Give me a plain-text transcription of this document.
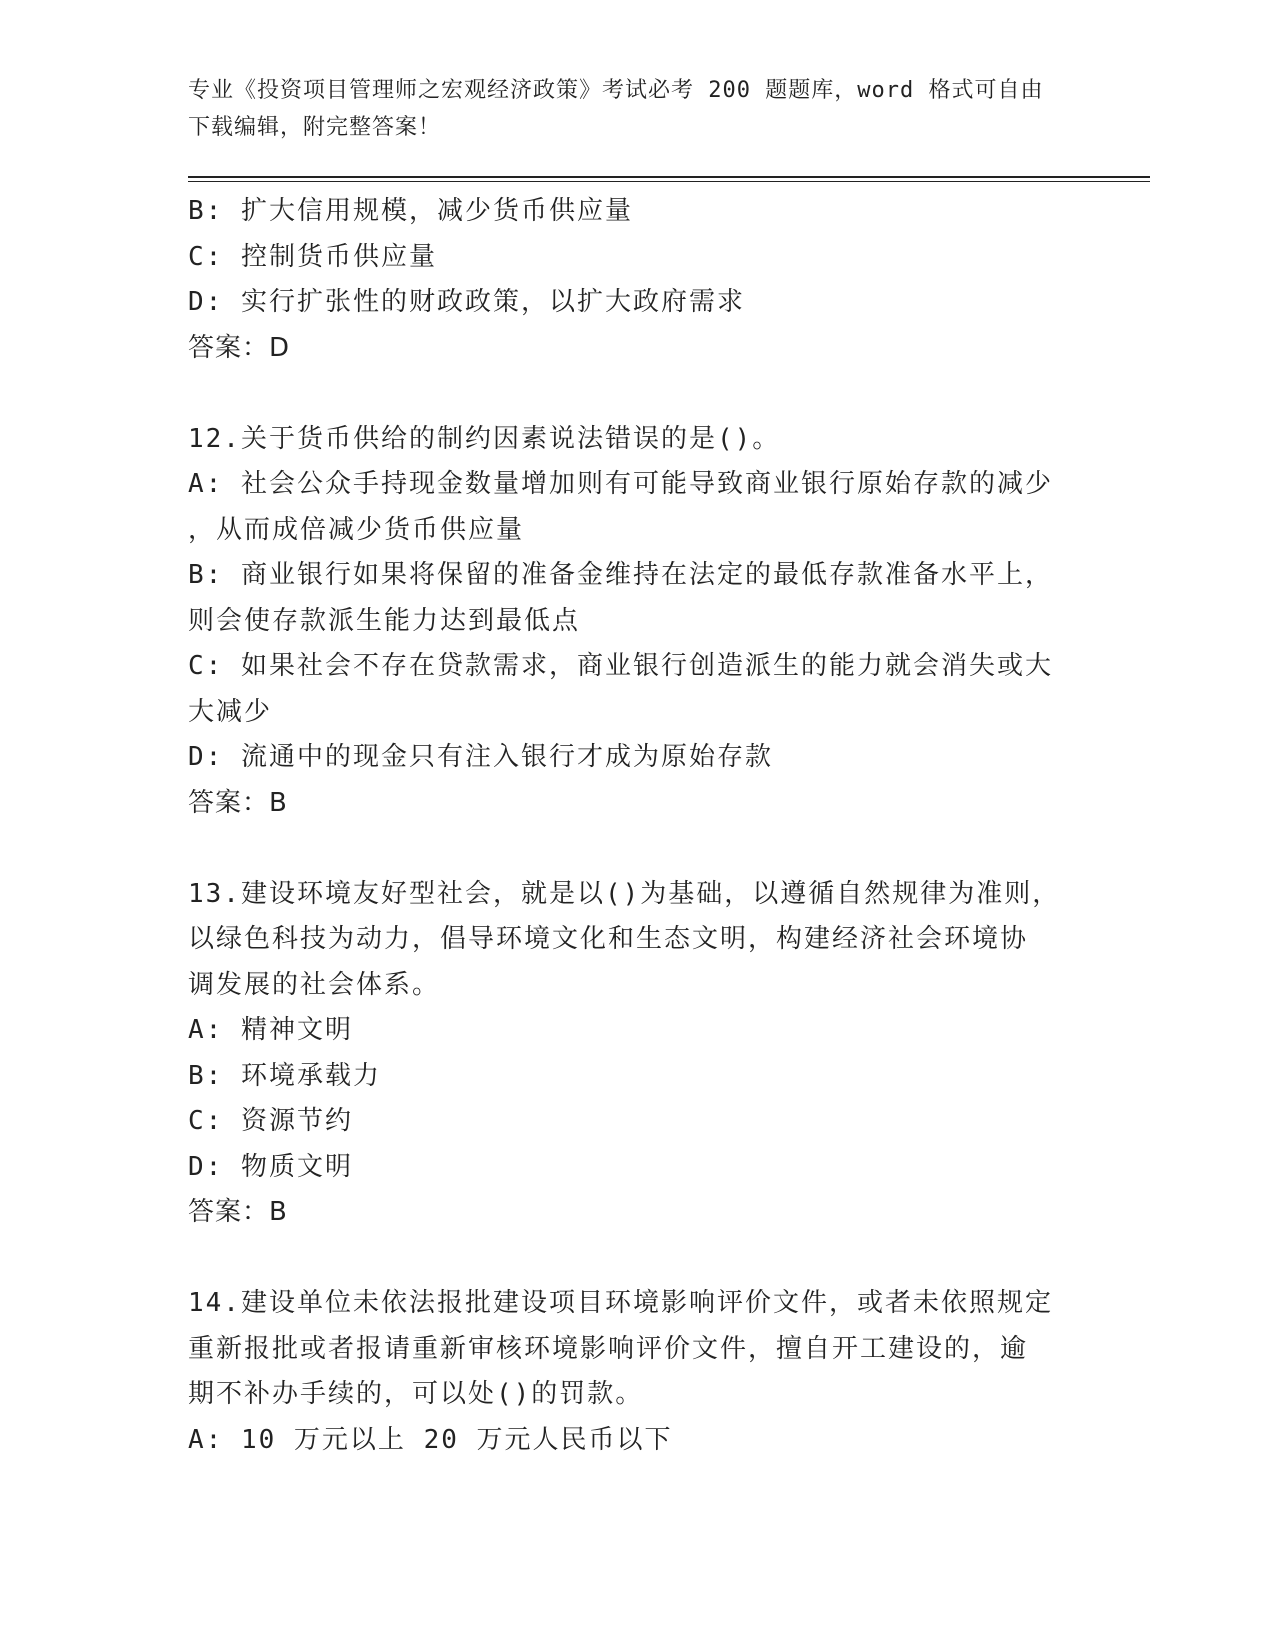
专业《投资项目管理师之宏观经济政策》考试必考 200 题题库，word 格式可自由
下载编辑，附完整答案！
B: 扩大信用规模，减少货币供应量
C: 控制货币供应量
D: 实行扩张性的财政政策，以扩大政府需求
答案：D
12.关于货币供给的制约因素说法错误的是()。
A: 社会公众手持现金数量增加则有可能导致商业银行原始存款的减少
，从而成倍减少货币供应量
B: 商业银行如果将保留的准备金维持在法定的最低存款准备水平上，
则会使存款派生能力达到最低点
C: 如果社会不存在贷款需求，商业银行创造派生的能力就会消失或大
大减少
D: 流通中的现金只有注入银行才成为原始存款
答案：B
13.建设环境友好型社会，就是以()为基础，以遵循自然规律为准则，
以绿色科技为动力，倡导环境文化和生态文明，构建经济社会环境协
调发展的社会体系。
A: 精神文明
B: 环境承载力
C: 资源节约
D: 物质文明
答案：B
14.建设单位未依法报批建设项目环境影响评价文件，或者未依照规定
重新报批或者报请重新审核环境影响评价文件，擅自开工建设的，逾
期不补办手续的，可以处()的罚款。
A: 10 万元以上 20 万元人民币以下
